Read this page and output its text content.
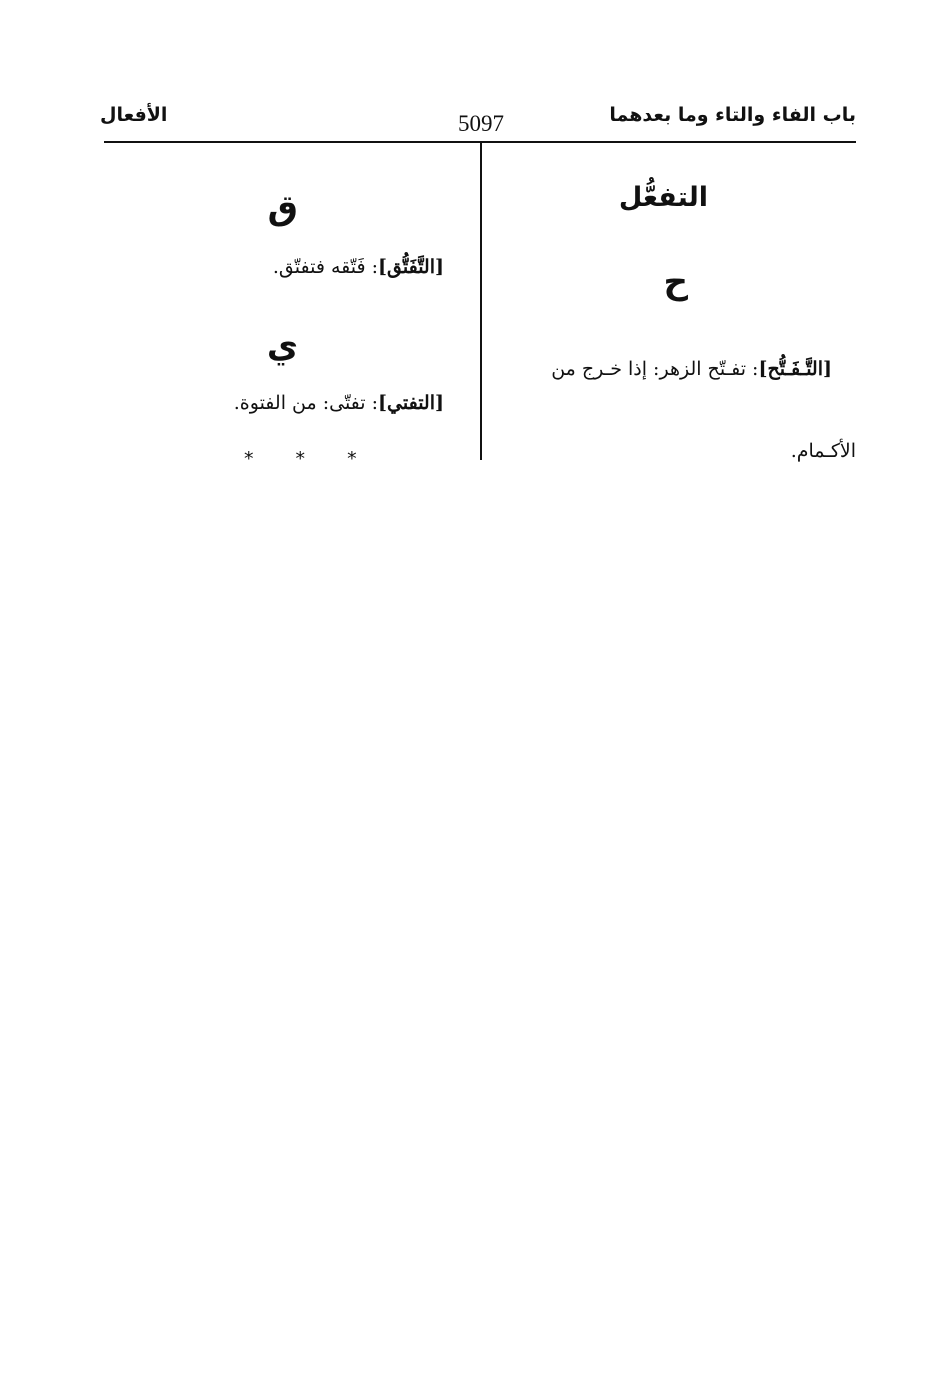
باب الفاء والتاء وما بعدهما
5097
الأفعال
التفعُّل
ح
[التَّـفَـتُّح]: تفـتّح الزهر: إذا خـرج من
الأكـمام.
ق
[التَّفَتُّق]: فَتّقه فتفتّق.
ي
[التفتي]: تفتّى: من الفتوة.
* * *
